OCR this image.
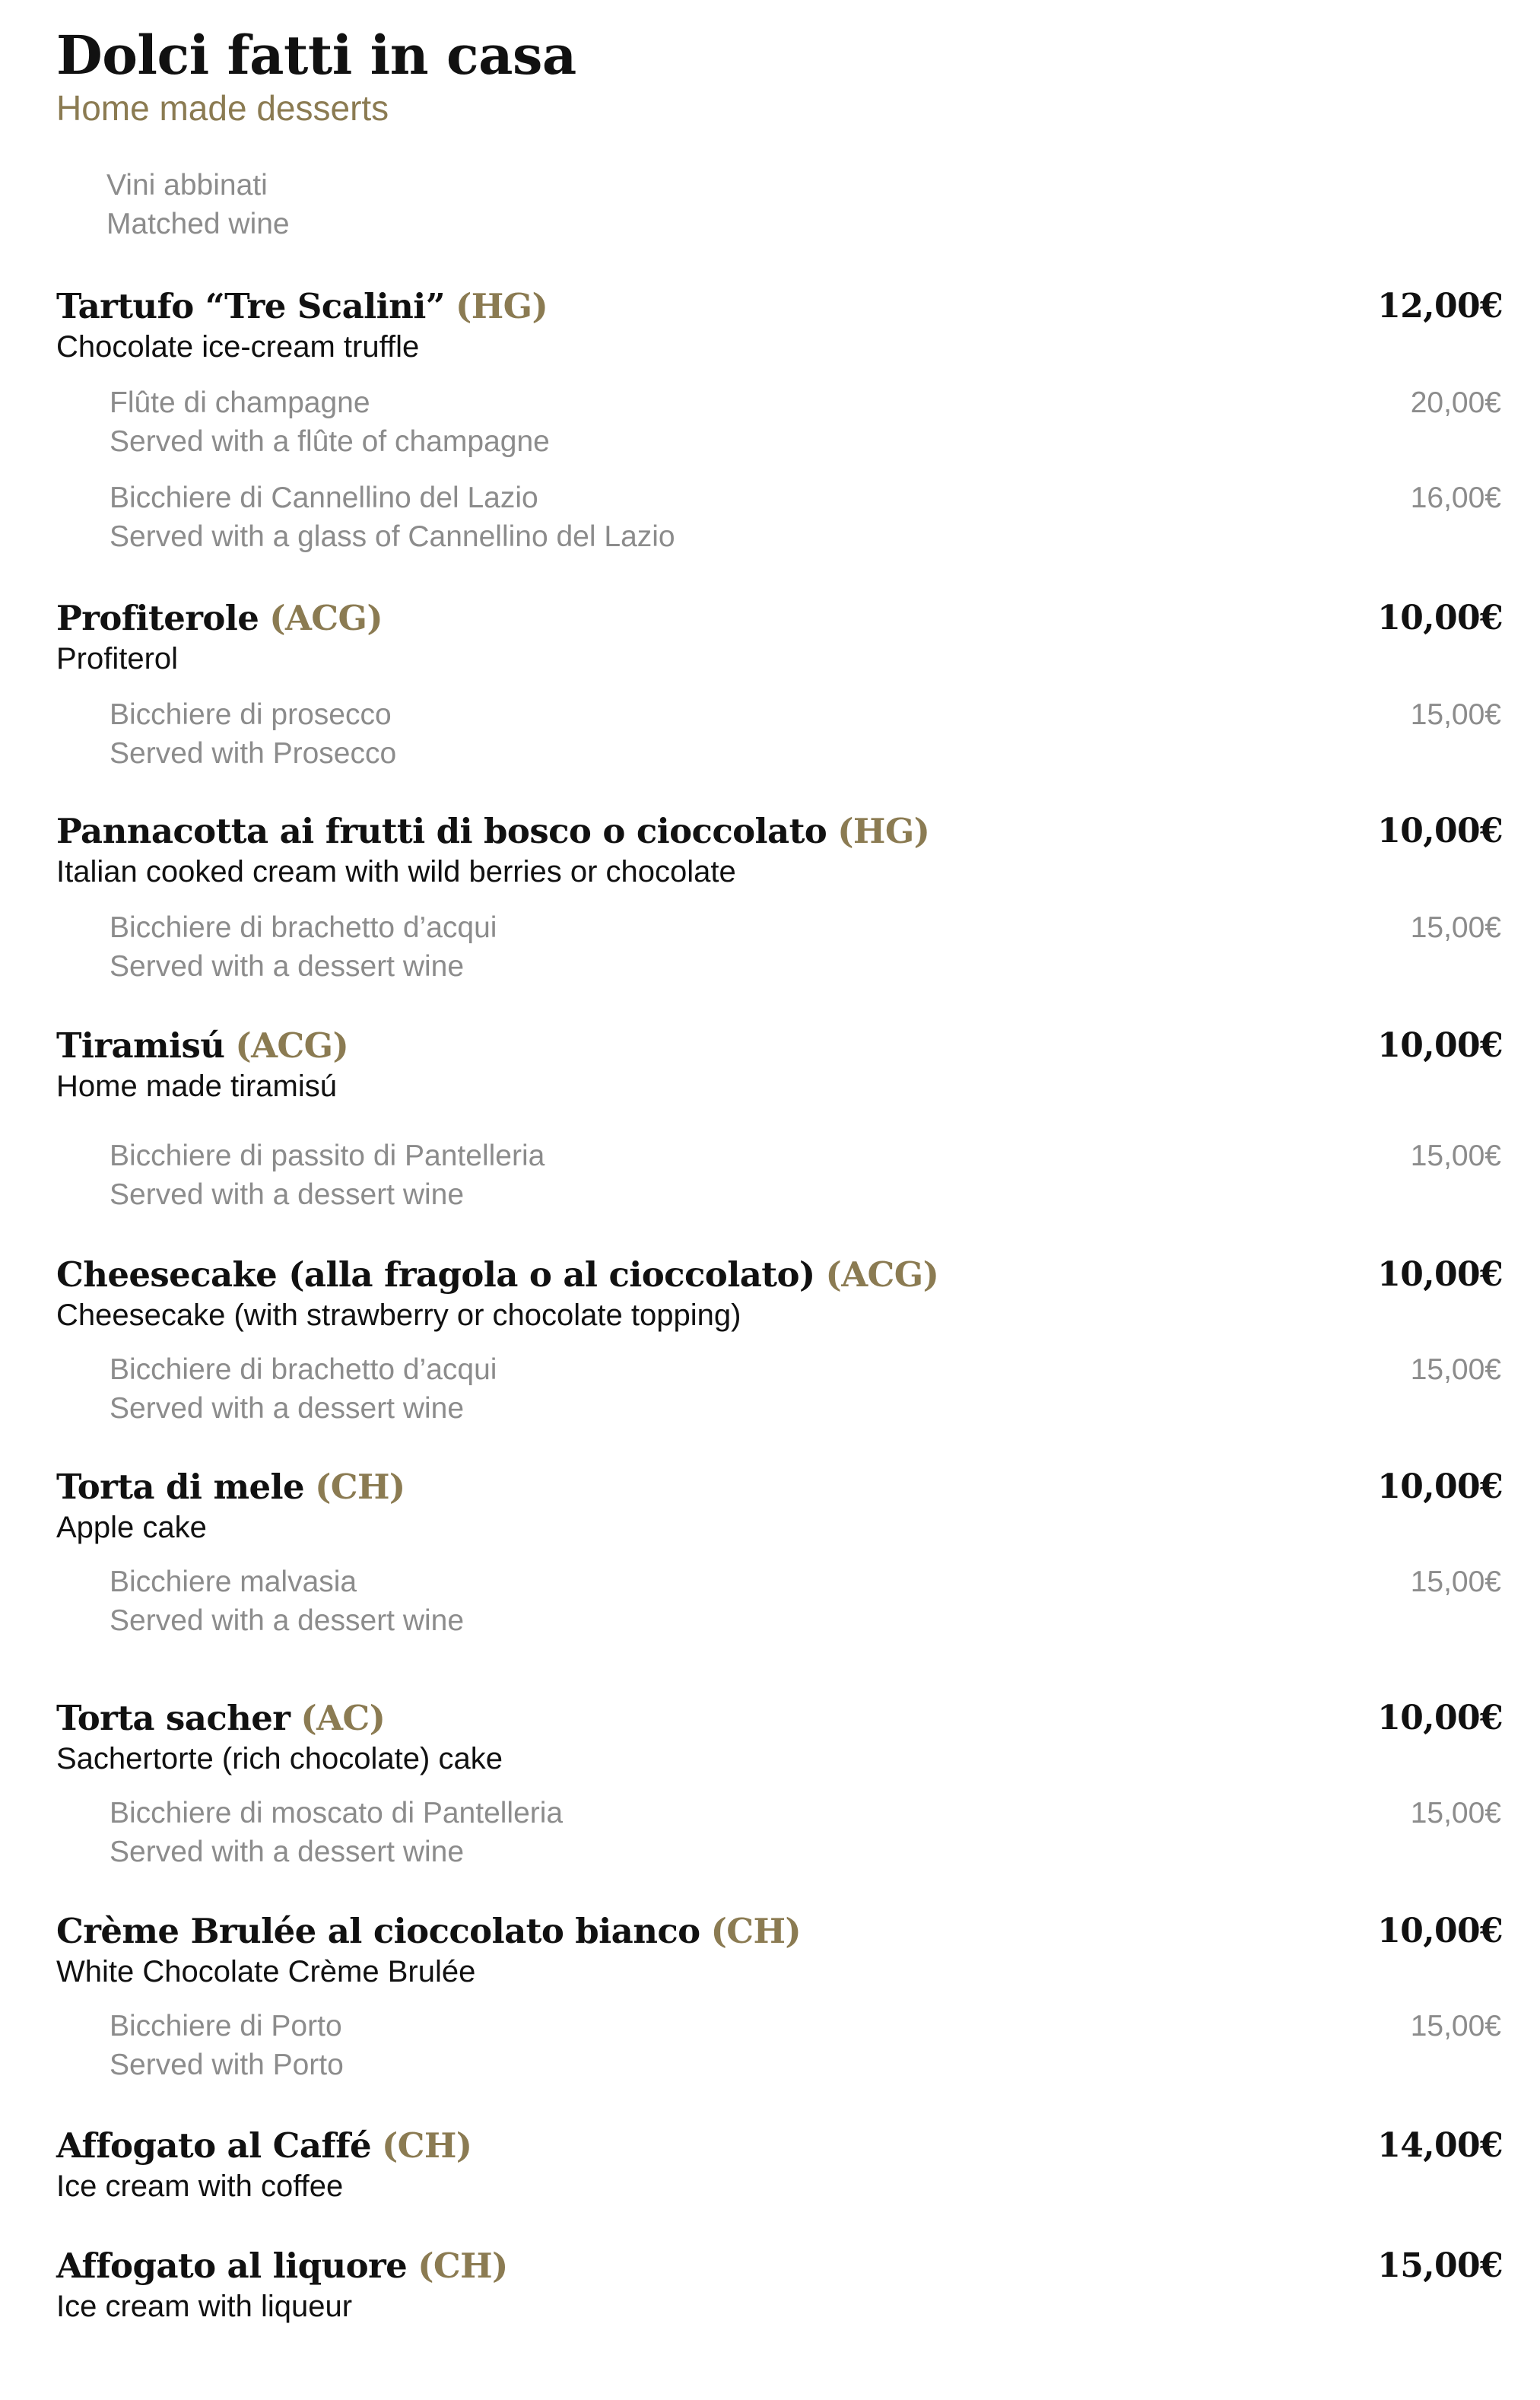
Dolci fatti in casa
Home made desserts
Vini abbinati
Matched wine
Tartufo “Tre Scalini” (HG)	12,00€
Chocolate ice-cream truffle
Flûte di champagne
Served with a flûte of champagne
20,00€
Bicchiere di Cannellino del Lazio
Served with a glass of Cannellino del Lazio
16,00€
Profiterole (ACG)	10,00€
Profiterol
Bicchiere di prosecco
Served with Prosecco
15,00€
Pannacotta ai frutti di bosco o cioccolato (HG)	10,00€
Italian cooked cream with wild berries or chocolate
Bicchiere di brachetto d’acqui
Served with a dessert wine
15,00€
Tiramisú (ACG)	10,00€
Home made tiramisú
Bicchiere di passito di Pantelleria
Served with a dessert wine
15,00€
Cheesecake (alla fragola o al cioccolato) (ACG)	10,00€
Cheesecake (with strawberry or chocolate topping)
Bicchiere di brachetto d’acqui
Served with a dessert wine
15,00€
Torta di mele (CH)	10,00€
Apple cake
Bicchiere malvasia
Served with a dessert wine
15,00€
Torta sacher (AC)	10,00€
Sachertorte (rich chocolate) cake
Bicchiere di moscato di Pantelleria
Served with a dessert wine
15,00€
Crème Brulée al cioccolato bianco (CH)	10,00€
White Chocolate Crème Brulée
Bicchiere di Porto
Served with Porto
15,00€
Affogato al Caffé (CH)	14,00€
Ice cream with coffee
Affogato al liquore (CH)	15,00€
Ice cream with liqueur
